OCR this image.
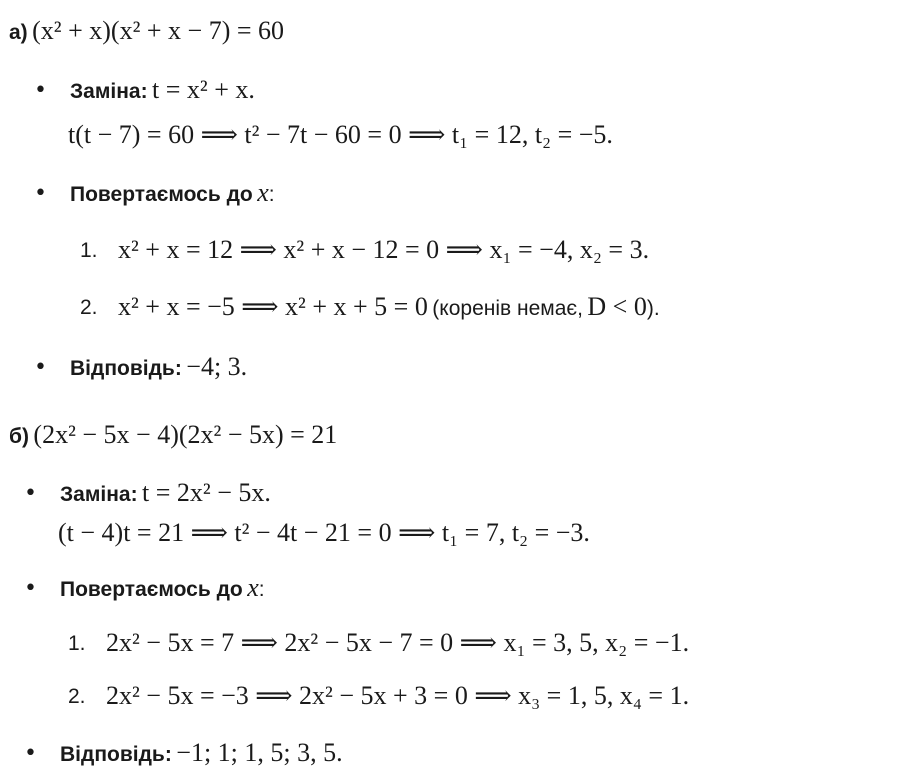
а) (x² + x)(x² + x − 7) = 60
• Заміна: t = x² + x.
t(t − 7) = 60 ⟹ t² − 7t − 60 = 0 ⟹ t₁ = 12, t₂ = −5.
• Повертаємось до x:
1. x² + x = 12 ⟹ x² + x − 12 = 0 ⟹ x₁ = −4, x₂ = 3.
2. x² + x = −5 ⟹ x² + x + 5 = 0 (коренів немає, D < 0).
• Відповідь: −4; 3.
б) (2x² − 5x − 4)(2x² − 5x) = 21
• Заміна: t = 2x² − 5x.
(t − 4)t = 21 ⟹ t² − 4t − 21 = 0 ⟹ t₁ = 7, t₂ = −3.
• Повертаємось до x:
1. 2x² − 5x = 7 ⟹ 2x² − 5x − 7 = 0 ⟹ x₁ = 3, 5, x₂ = −1.
2. 2x² − 5x = −3 ⟹ 2x² − 5x + 3 = 0 ⟹ x₃ = 1, 5, x₄ = 1.
• Відповідь: −1; 1; 1, 5; 3, 5.
